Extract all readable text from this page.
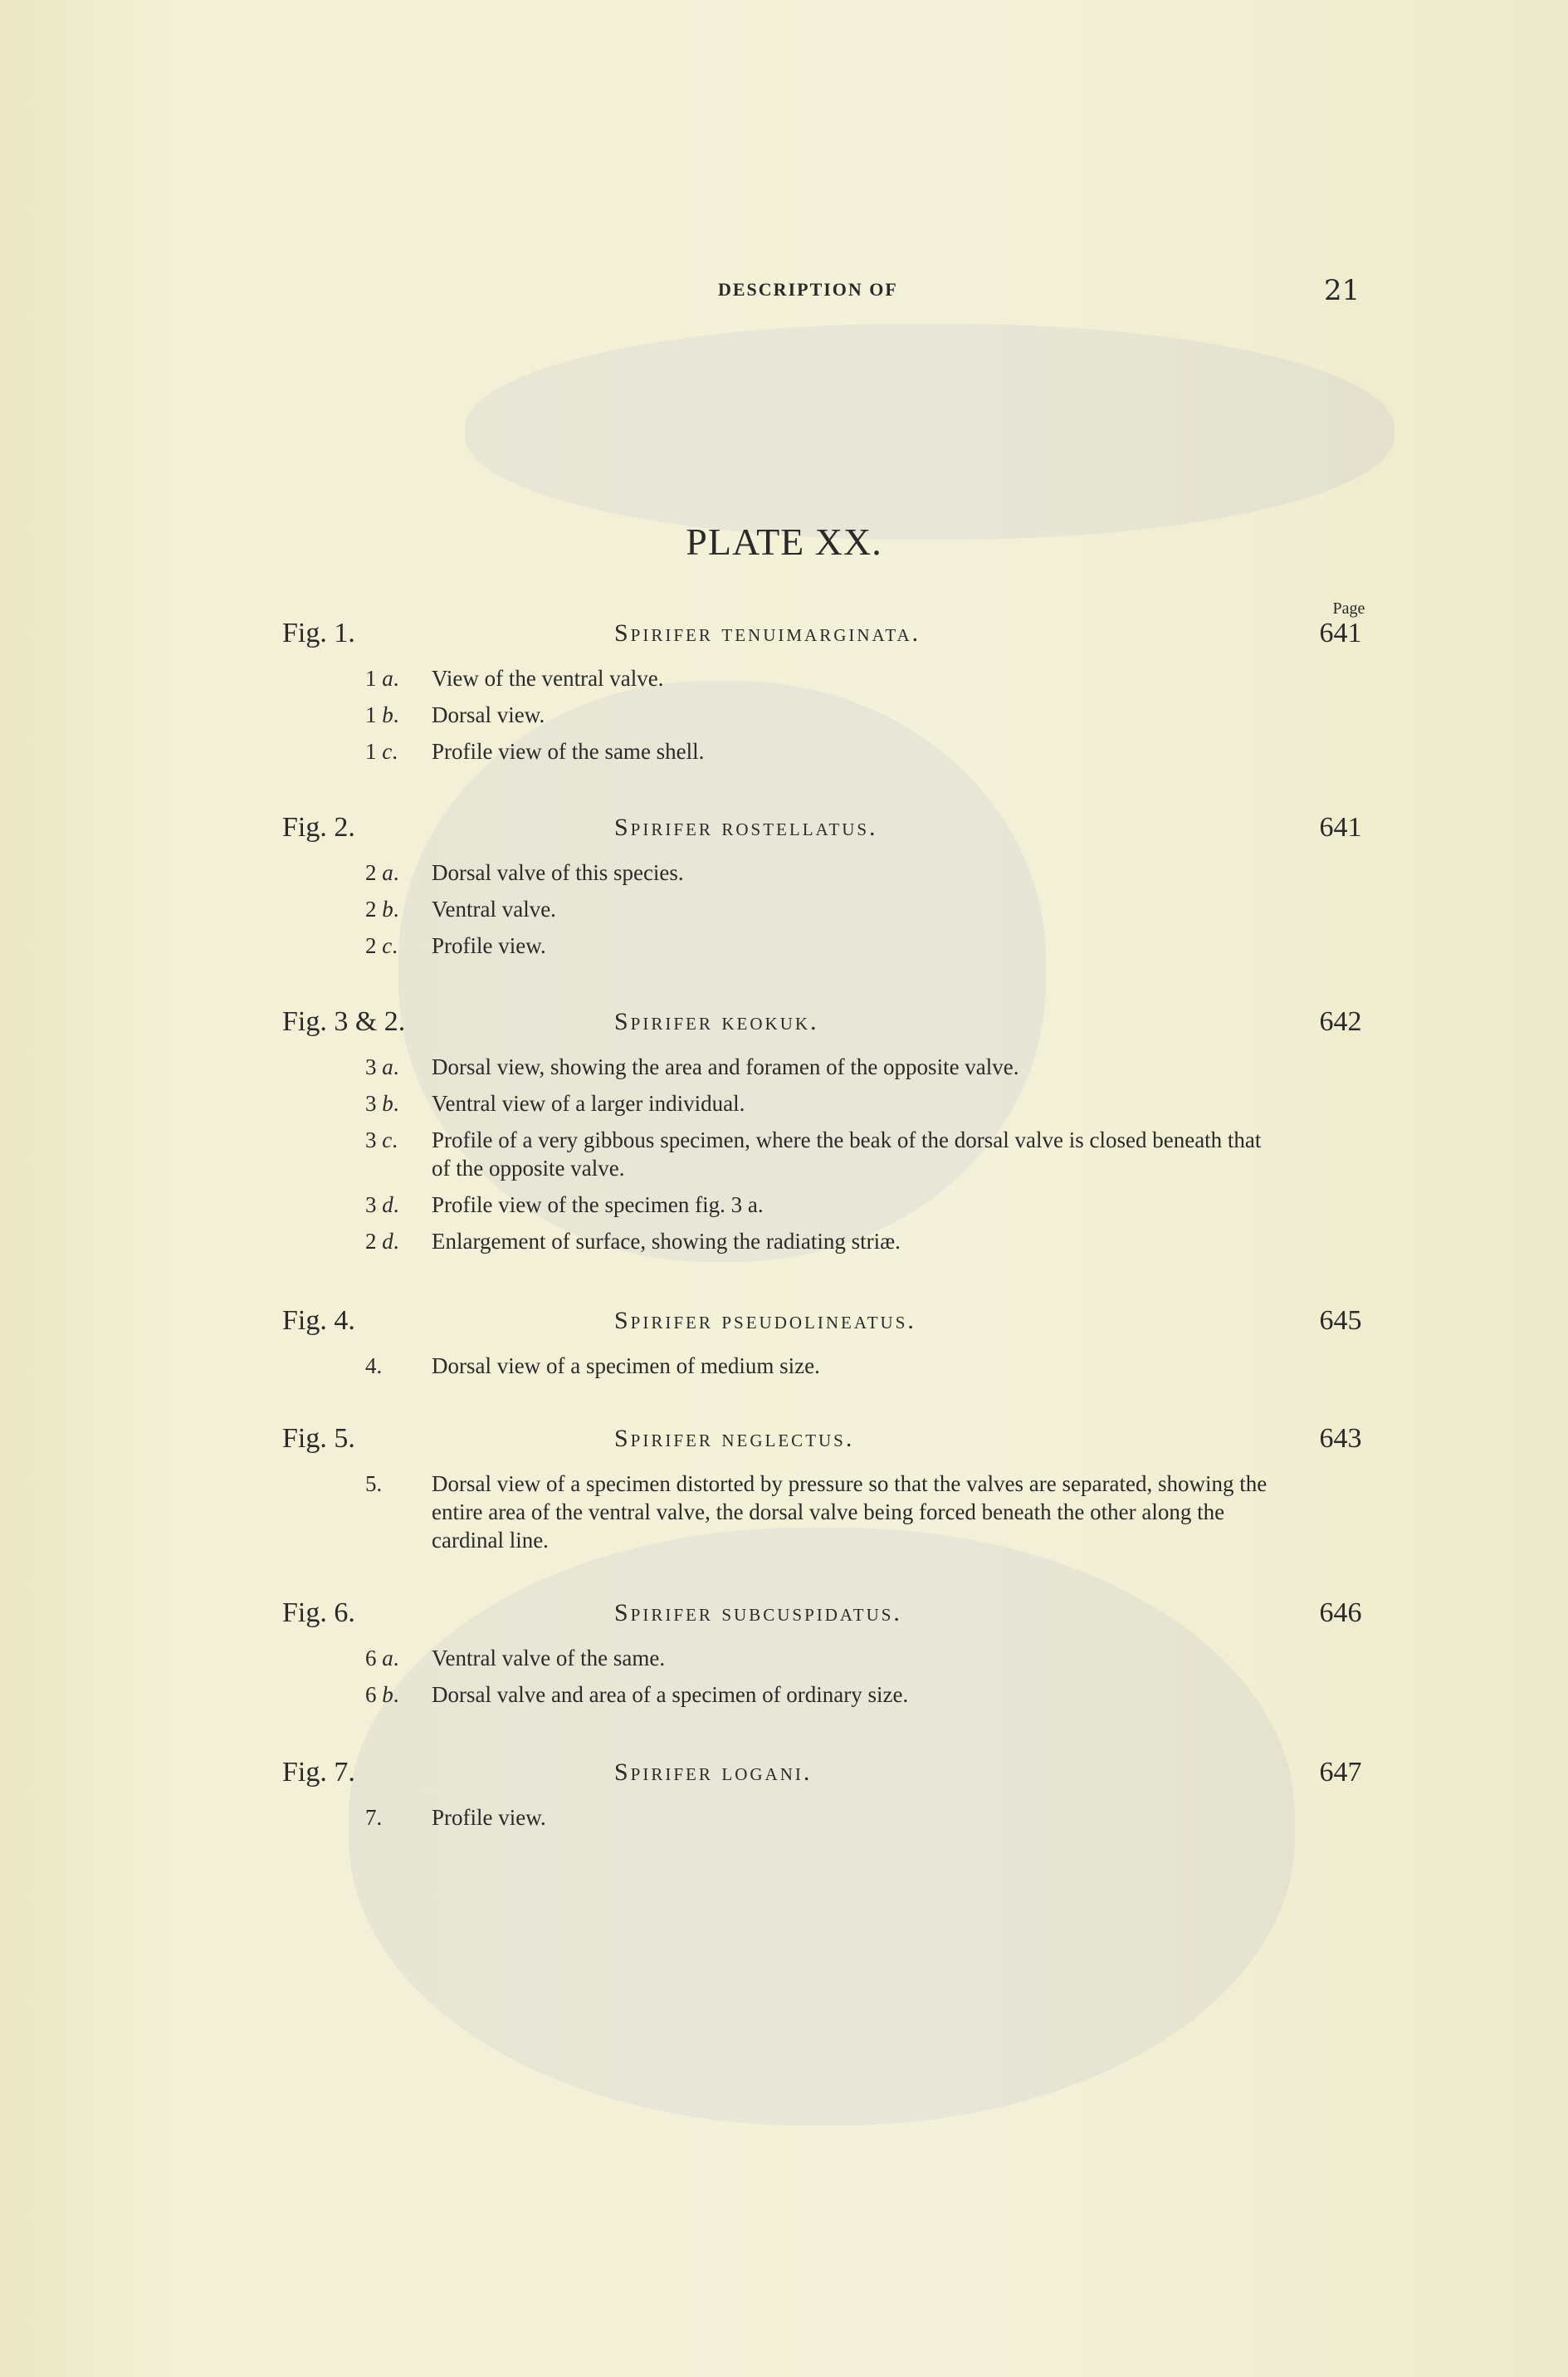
DESCRIPTION OF	21
PLATE XX.
Page
Fig. 1.	Spirifer tenuimarginata.	641
1 a. View of the ventral valve.
1 b. Dorsal view.
1 c. Profile view of the same shell.
Fig. 2.	Spirifer rostellatus.	641
2 a. Dorsal valve of this species.
2 b. Ventral valve.
2 c. Profile view.
Fig. 3 & 2.	Spirifer keokuk.	642
3 a. Dorsal view, showing the area and foramen of the opposite valve.
3 b. Ventral view of a larger individual.
3 c. Profile of a very gibbous specimen, where the beak of the dorsal valve is closed beneath that of the opposite valve.
3 d. Profile view of the specimen fig. 3 a.
2 d. Enlargement of surface, showing the radiating striæ.
Fig. 4.	Spirifer pseudolineatus.	645
4. Dorsal view of a specimen of medium size.
Fig. 5.	Spirifer neglectus.	643
5. Dorsal view of a specimen distorted by pressure so that the valves are separated, showing the entire area of the ventral valve, the dorsal valve being forced beneath the other along the cardinal line.
Fig. 6.	Spirifer subcuspidatus.	646
6 a. Ventral valve of the same.
6 b. Dorsal valve and area of a specimen of ordinary size.
Fig. 7.	Spirifer logani.	647
7. Profile view.
